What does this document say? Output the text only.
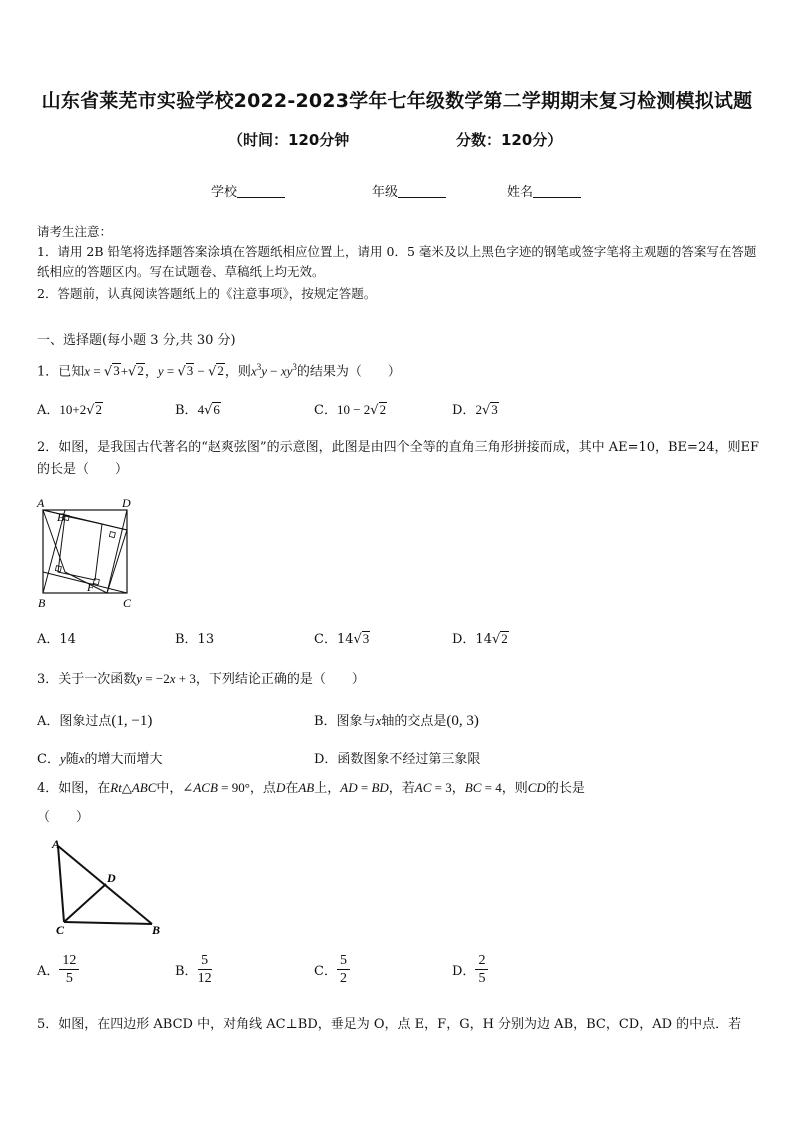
山东省莱芜市实验学校2022-2023学年七年级数学第二学期期末复习检测模拟试题
（时间：120分钟	分数：120分）
学校	年级	姓名
请考生注意：
1．请用 2B 铅笔将选择题答案涂填在答题纸相应位置上，请用 0．5 毫米及以上黑色字迹的钢笔或签字笔将主观题的答案写在答题纸相应的答题区内。写在试题卷、草稿纸上均无效。
2．答题前，认真阅读答题纸上的《注意事项》，按规定答题。
一、选择题(每小题 3 分,共 30 分)
1．已知x = √3+√2，y = √3 − √2，则$x^3y - xy^3$的结果为（　　）
A．10+2√2	B．4√6	C．10 − 2√2	D．2√3
2．如图，是我国古代著名的“赵爽弦图”的示意图，此图是由四个全等的直角三角形拼接而成，其中 AE=10，BE=24，则EF 的长是（　　）
A	D
E
F
B	C
A．14	B．13	C．14√3	D．14√2
3．关于一次函数y = −2x + 3，下列结论正确的是（　　）
A．图象过点(1, −1)	B．图象与x轴的交点是(0, 3)
C．y随x的增大而增大	D．函数图象不经过第三象限
4．如图，在Rt△ABC中，∠ACB = 90°，点D在AB上，AD = BD，若AC = 3，BC = 4，则CD的长是
（　　）
A
D
C	B
A． $\frac{12}{5}$	B． $\frac{5}{12}$	C． $\frac{5}{2}$	D． $\frac{2}{5}$
5．如图，在四边形 ABCD 中，对角线 AC⊥BD，垂足为 O，点 E，F，G，H 分别为边 AB，BC，CD，AD 的中点．若
